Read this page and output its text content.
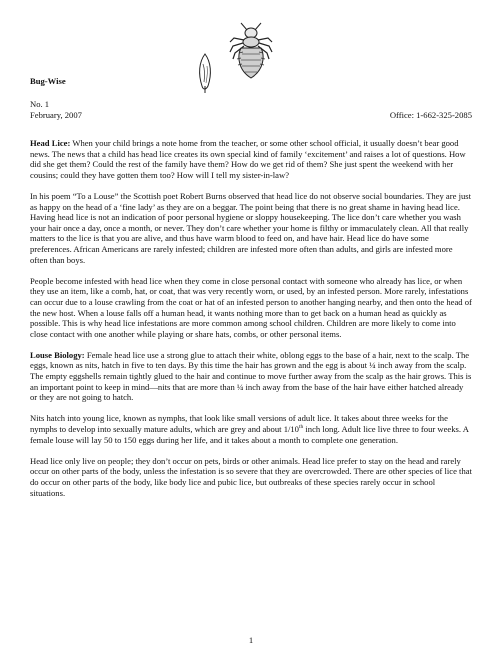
Bug-Wise
No. 1
February, 2007	Office: 1-662-325-2085

Head Lice: When your child brings a note home from the teacher, or some other school official, it usually doesn’t bear good news. The news that a child has head lice creates its own special kind of family ‘excitement’ and raises a lot of questions. How did she get them? Could the rest of the family have them? How do we get rid of them? She just spent the weekend with her cousins; could they have gotten them too? How will I tell my sister-in-law?

In his poem “To a Louse” the Scottish poet Robert Burns observed that head lice do not observe social boundaries. They are just as happy on the head of a ‘fine lady’ as they are on a beggar. The point being that there is no great shame in having head lice. Having head lice is not an indication of poor personal hygiene or sloppy housekeeping. The lice don’t care whether you wash your hair once a day, once a month, or never. They don’t care whether your home is filthy or immaculately clean. All that really matters to the lice is that you are alive, and thus have warm blood to feed on, and have hair. Head lice do have some preferences. African Americans are rarely infested; children are infested more often than adults, and girls are infested more often than boys.

People become infested with head lice when they come in close personal contact with someone who already has lice, or when they use an item, like a comb, hat, or coat, that was very recently worn, or used, by an infested person. More rarely, infestations can occur due to a louse crawling from the coat or hat of an infested person to another hanging nearby, and then onto the head of the new host. When a louse falls off a human head, it wants nothing more than to get back on a human head as quickly as possible. This is why head lice infestations are more common among school children. Children are more likely to come into close contact with one another while playing or share hats, combs, or other personal items.

Louse Biology: Female head lice use a strong glue to attach their white, oblong eggs to the base of a hair, next to the scalp. The eggs, known as nits, hatch in five to ten days. By this time the hair has grown and the egg is about ¼ inch away from the scalp. The empty eggshells remain tightly glued to the hair and continue to move further away from the scalp as the hair grows. This is an important point to keep in mind—nits that are more than ¼ inch away from the base of the hair have either hatched already or they are not going to hatch.

Nits hatch into young lice, known as nymphs, that look like small versions of adult lice. It takes about three weeks for the nymphs to develop into sexually mature adults, which are grey and about 1/10th inch long. Adult lice live three to four weeks. A female louse will lay 50 to 150 eggs during her life, and it takes about a month to complete one generation.

Head lice only live on people; they don’t occur on pets, birds or other animals. Head lice prefer to stay on the head and rarely occur on other parts of the body, unless the infestation is so severe that they are overcrowded. There are other species of lice that do occur on other parts of the body, like body lice and pubic lice, but outbreaks of these species rarely occur in school situations.

1
